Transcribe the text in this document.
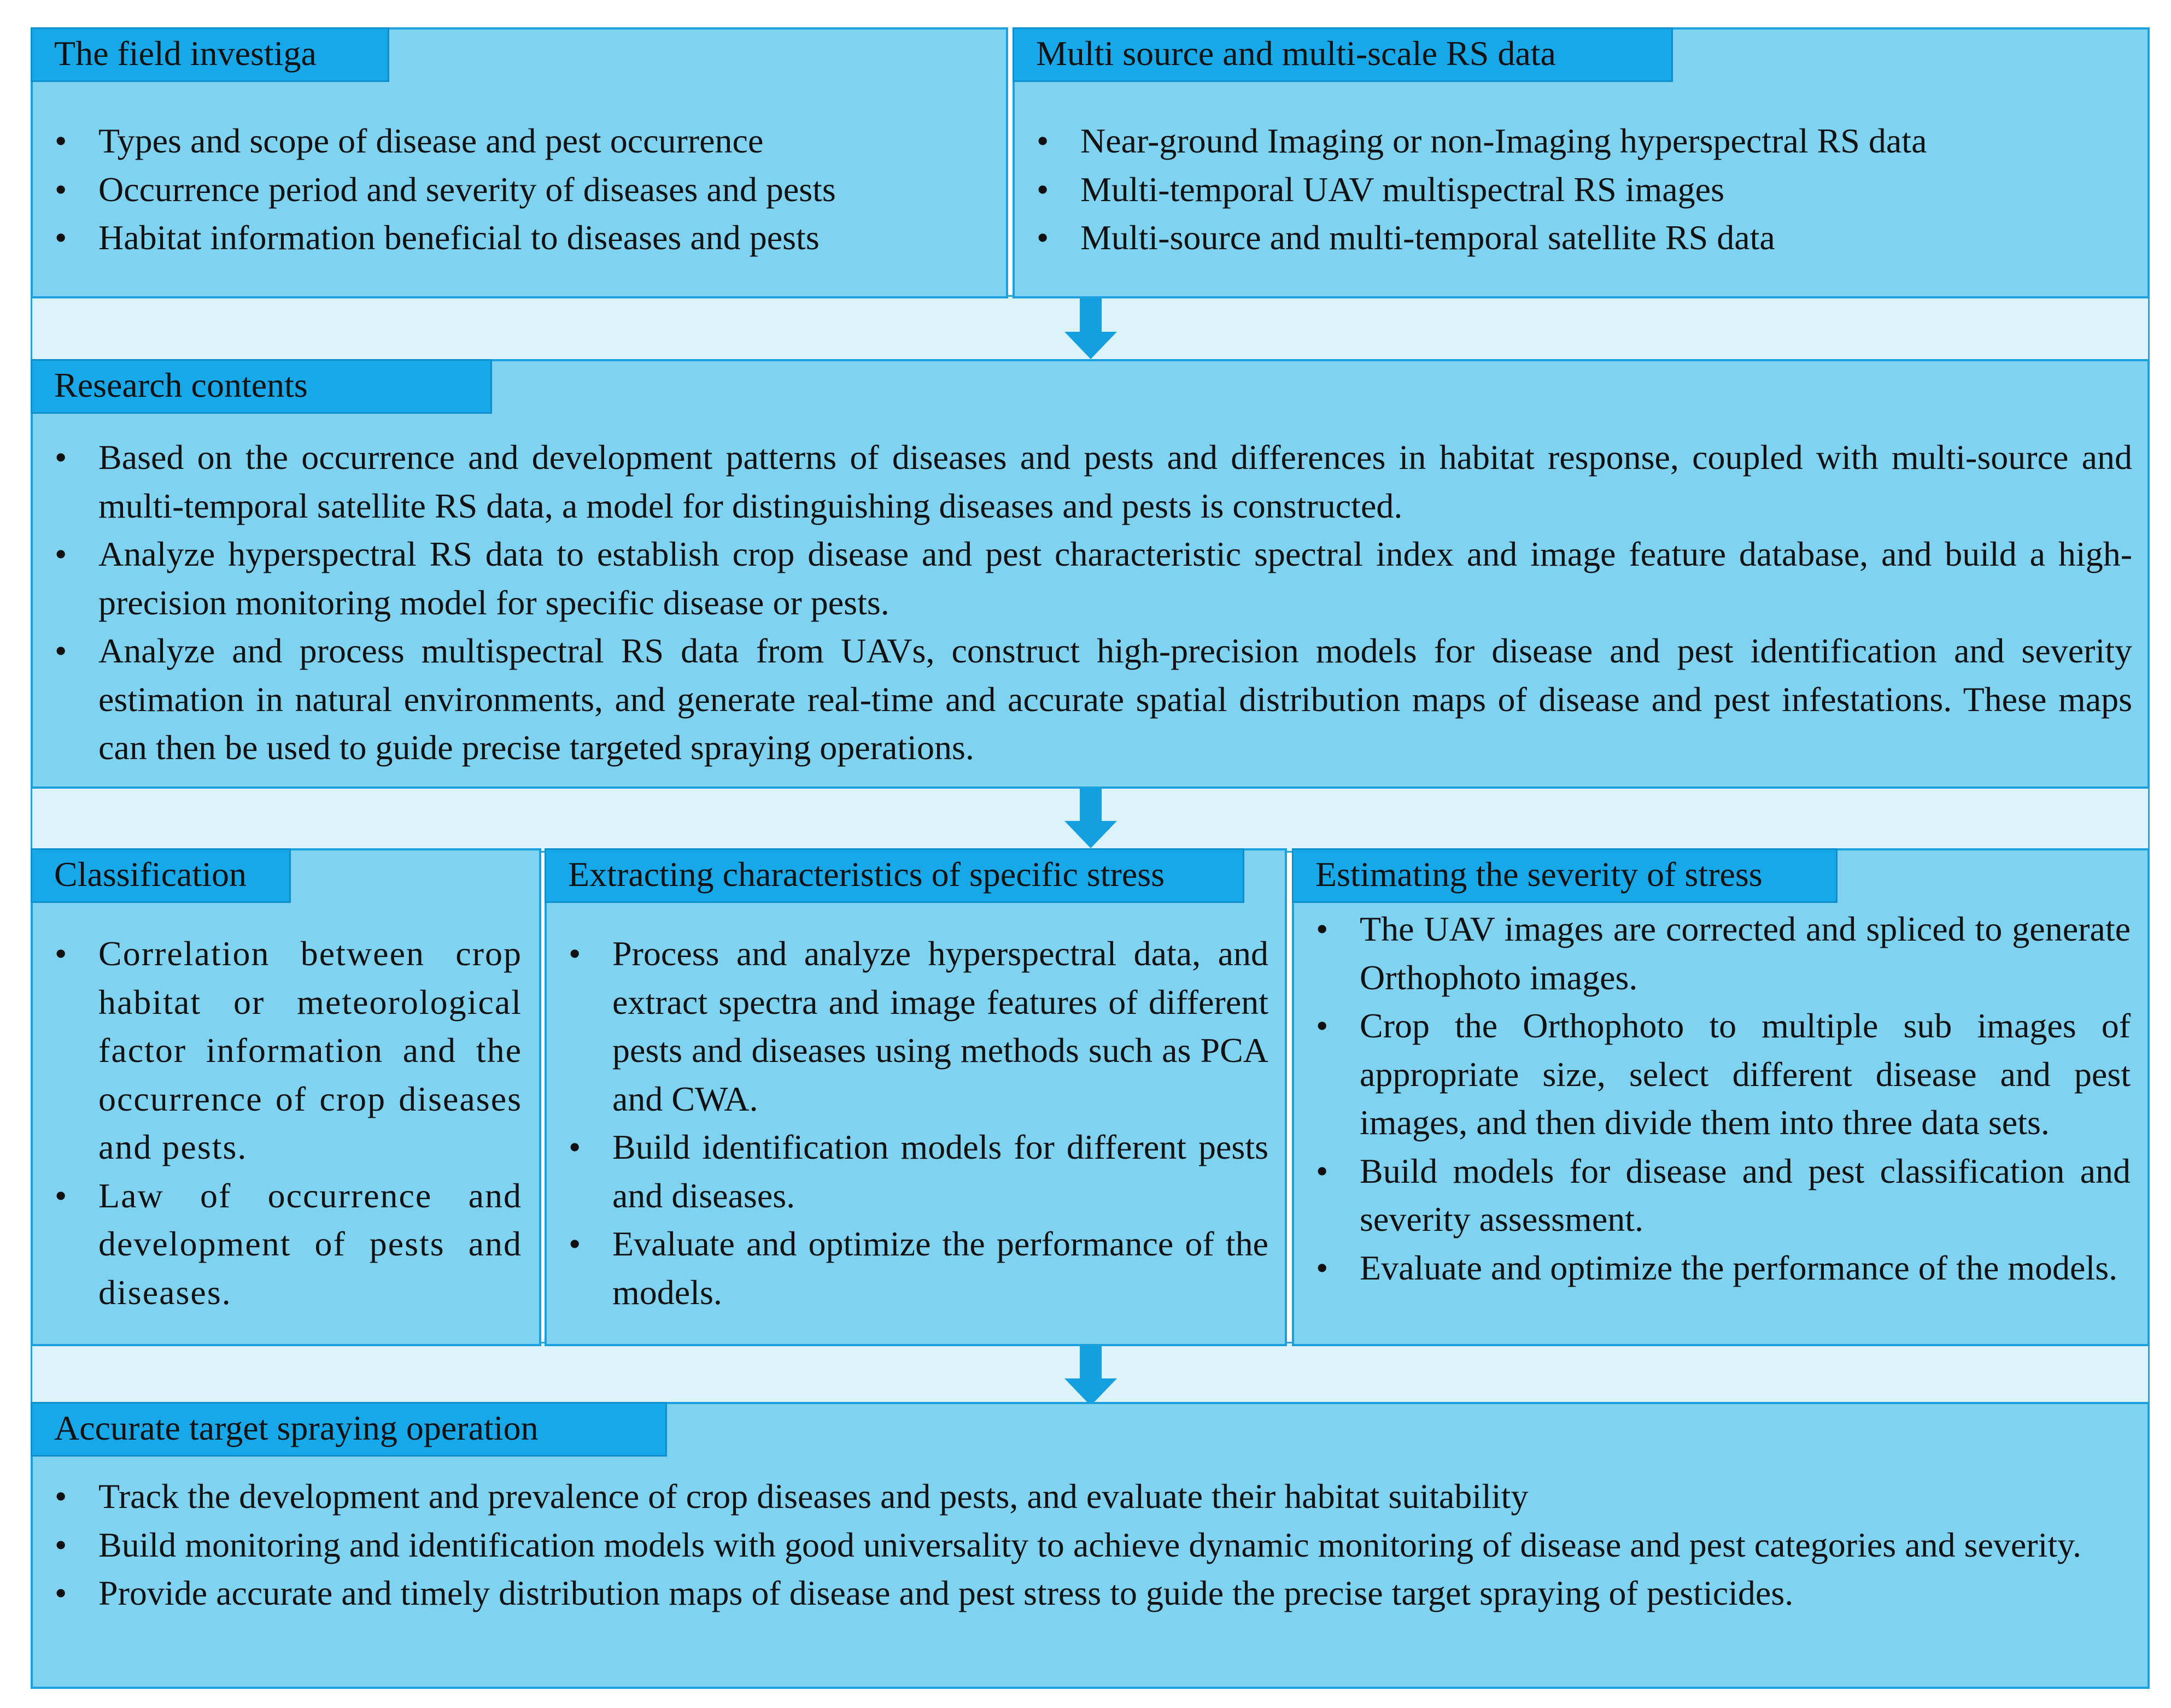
The field investiga
• Types and scope of disease and pest occurrence
• Occurrence period and severity of diseases and pests
• Habitat information beneficial to diseases and pests
Multi source and multi-scale RS data
• Near-ground Imaging or non-Imaging hyperspectral RS data
• Multi-temporal UAV multispectral RS images
• Multi-source and multi-temporal satellite RS data
Research contents
• Based on the occurrence and development patterns of diseases and pests and differences in habitat response, coupled with multi-source and multi-temporal satellite RS data, a model for distinguishing diseases and pests is constructed.
• Analyze hyperspectral RS data to establish crop disease and pest characteristic spectral index and image feature database, and build a high-precision monitoring model for specific disease or pests.
• Analyze and process multispectral RS data from UAVs, construct high-precision models for disease and pest identification and severity estimation in natural environments, and generate real-time and accurate spatial distribution maps of disease and pest infestations. These maps can then be used to guide precise targeted spraying operations.
Classification
• Correlation between crop habitat or meteorological factor information and the occurrence of crop diseases and pests.
• Law of occurrence and development of pests and diseases.
Extracting characteristics of specific stress
• Process and analyze hyperspectral data, and extract spectra and image features of different pests and diseases using methods such as PCA and CWA.
• Build identification models for different pests and diseases.
• Evaluate and optimize the performance of the models.
Estimating the severity of stress
• The UAV images are corrected and spliced to generate Orthophoto images.
• Crop the Orthophoto to multiple sub images of appropriate size, select different disease and pest images, and then divide them into three data sets.
• Build models for disease and pest classification and severity assessment.
• Evaluate and optimize the performance of the models.
Accurate target spraying operation
• Track the development and prevalence of crop diseases and pests, and evaluate their habitat suitability
• Build monitoring and identification models with good universality to achieve dynamic monitoring of disease and pest categories and severity.
• Provide accurate and timely distribution maps of disease and pest stress to guide the precise target spraying of pesticides.
